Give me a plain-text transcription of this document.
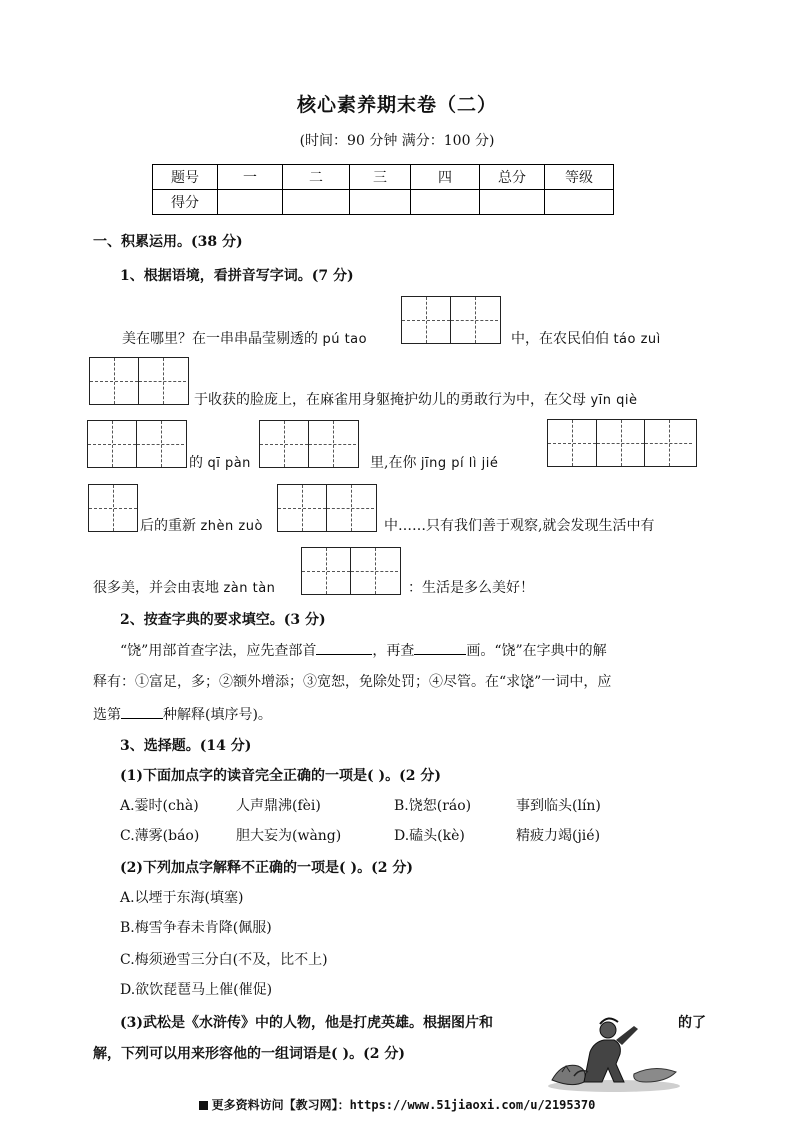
核心素养期末卷（二）
(时间：90 分钟 满分：100 分)
题号	一	二	三	四	总分	等级
得分						
一、积累运用。(38 分)
1、根据语境，看拼音写字词。(7 分)
美在哪里？在一串串晶莹剔透的 pú tao	中，在农民伯伯 táo zuì
于收获的脸庞上，在麻雀用身躯掩护幼儿的勇敢行为中，在父母 yīn qiè
的 qī pàn	里,在你 jīng pí lì jié
后的重新 zhèn zuò	中……只有我们善于观察,就会发现生活中有
很多美，并会由衷地 zàn tàn	：生活是多么美好！
2、按查字典的要求填空。(3 分)
“饶”用部首查字法，应先查部首	，再查	画。“饶”在字典中的解
释有：①富足，多；②额外增添；③宽恕，免除处罚；④尽管。在“求饶”一词中，应
选第	种解释(填序号)。
3、选择题。(14 分)
(1)下面加点字的读音完全正确的一项是( )。(2 分)
A.霎时(chà)	人声鼎沸(fèi)	B.饶恕(ráo)	事到临头(lín)
C.薄雾(báo)	胆大妄为(wàng)	D.磕头(kè)	精疲力竭(jié)
(2)下列加点字解释不正确的一项是( )。(2 分)
A.以堙于东海(填塞)
B.梅雪争春未肯降(佩服)
C.梅须逊雪三分白(不及，比不上)
D.欲饮琵琶马上催(催促)
(3)武松是《水浒传》中的人物，他是打虎英雄。根据图片和	的了
解，下列可以用来形容他的一组词语是( )。(2 分)
更多资料访问【教习网】：https://www.51jiaoxi.com/u/2195370
